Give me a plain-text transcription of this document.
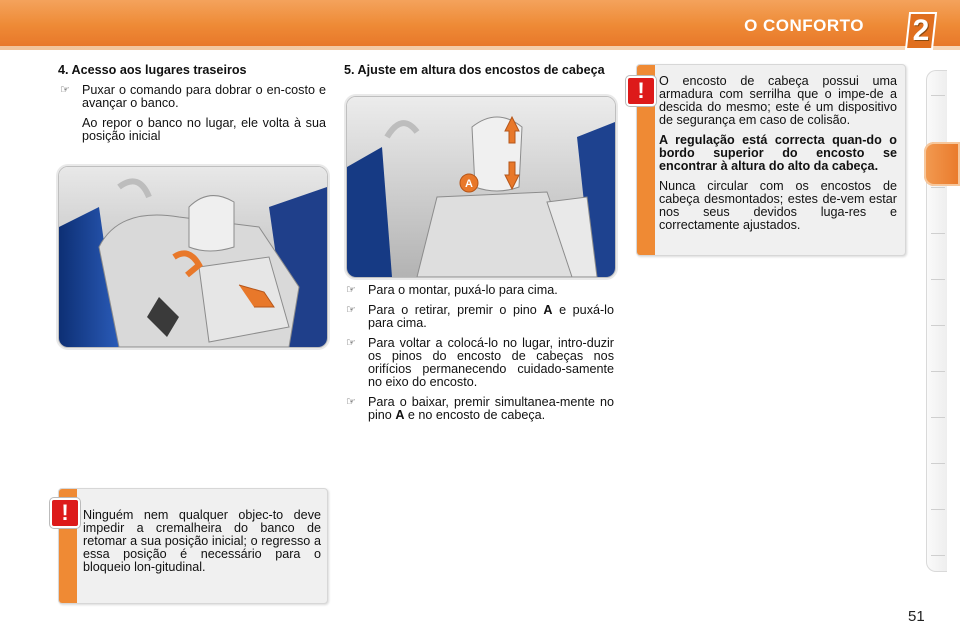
O CONFORTO 2

4. Acesso aos lugares traseiros

☞ Puxar o comando para dobrar o en-costo e avançar o banco.
Ao repor o banco no lugar, ele volta à sua posição inicial

5. Ajuste em altura dos encostos de cabeça

A
☞ Para o montar, puxá-lo para cima.
☞ Para o retirar, premir o pino A e puxá-lo para cima.
☞ Para voltar a colocá-lo no lugar, intro-duzir os pinos do encosto de cabeças nos orifícios permanecendo cuidado-samente no eixo do encosto.
☞ Para o baixar, premir simultanea-mente no pino A e no encosto de cabeça.

O encosto de cabeça possui uma armadura com serrilha que o impe-de a descida do mesmo; este é um dispositivo de segurança em caso de colisão.

A regulação está correcta quan-do o bordo superior do encosto se encontrar à altura do alto da cabeça.

Nunca circular com os encostos de cabeça desmontados; estes de-vem estar nos seus devidos luga-res e correctamente ajustados.

!

Ninguém nem qualquer objec-to deve impedir a cremalheira do banco de retomar a sua posição inicial; o regresso a essa posição é necessário para o bloqueio lon-gitudinal.

!
51
